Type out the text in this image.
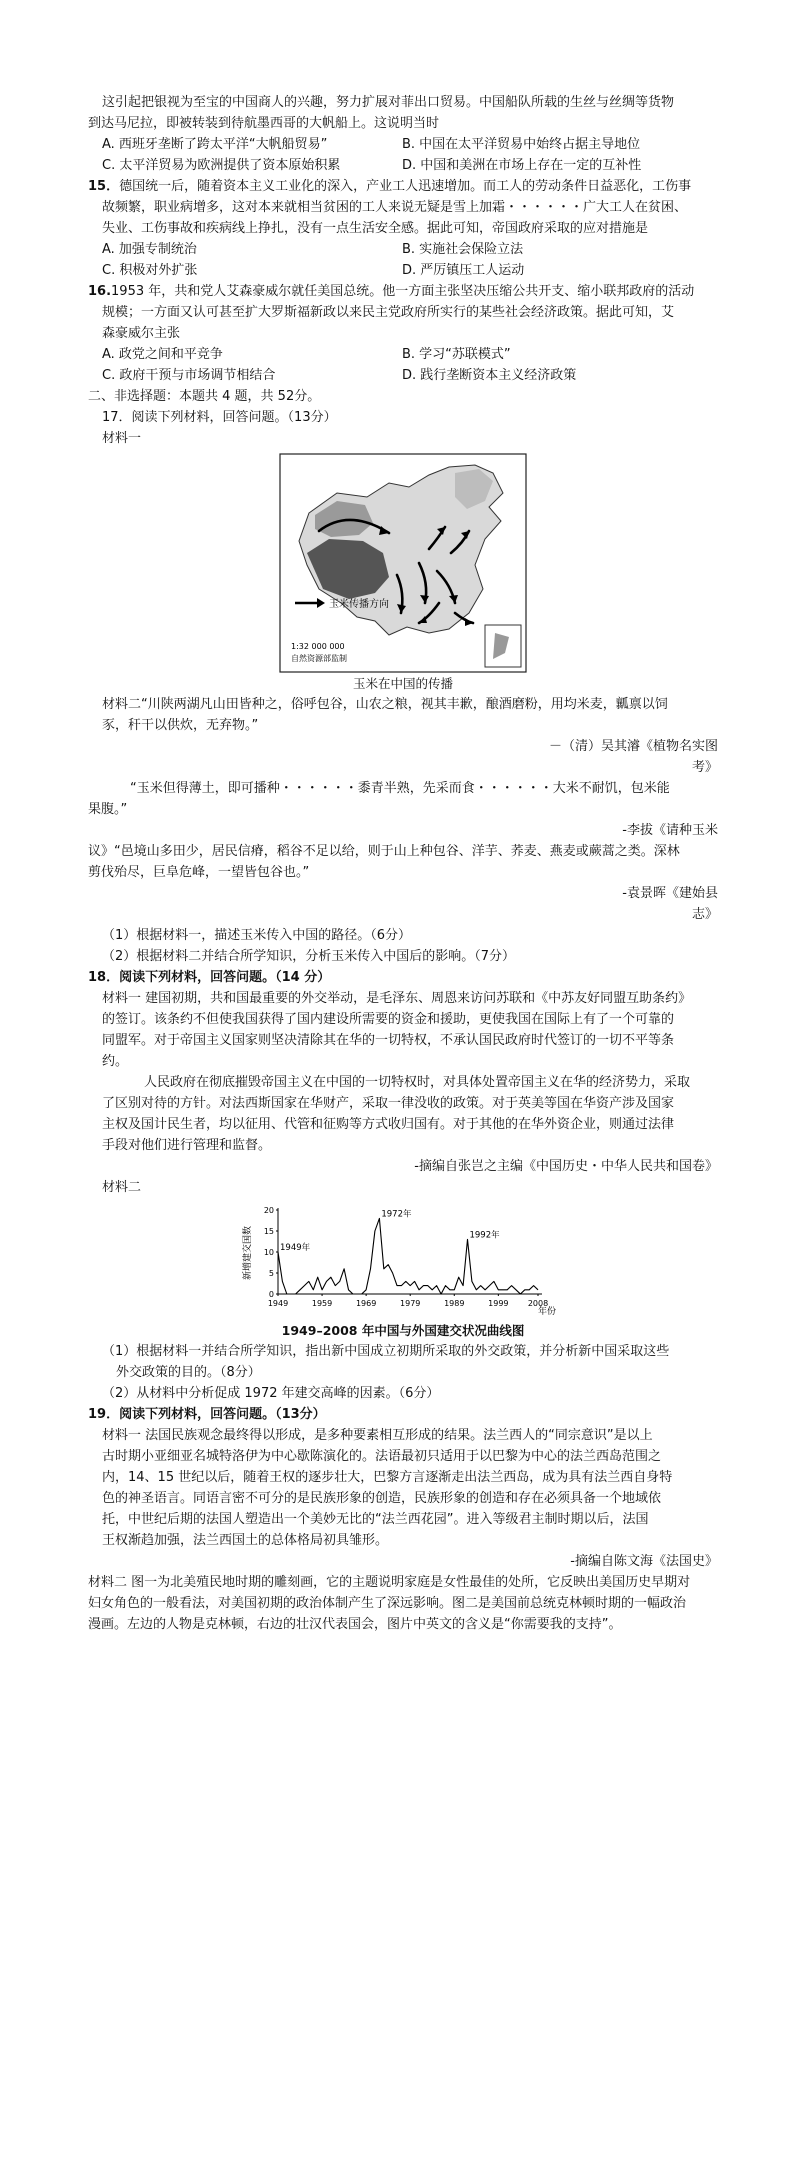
这引起把银视为至宝的中国商人的兴趣，努力扩展对菲出口贸易。中国船队所载的生丝与丝绸等货物

到达马尼拉，即被转装到待航墨西哥的大帆船上。这说明当时

A. 西班牙垄断了跨太平洋“大帆船贸易”	B. 中国在太平洋贸易中始终占据主导地位
C. 太平洋贸易为欧洲提供了资本原始积累	D. 中国和美洲在市场上存在一定的互补性

15．德国统一后，随着资本主义工业化的深入，产业工人迅速增加。而工人的劳动条件日益恶化，工伤事

故频繁，职业病增多，这对本来就相当贫困的工人来说无疑是雪上加霜・・・・・・广大工人在贫困、

失业、工伤事故和疾病线上挣扎，没有一点生活安全感。据此可知，帝国政府采取的应对措施是

A. 加强专制统治	B. 实施社会保险立法
C. 积极对外扩张	D. 严厉镇压工人运动

16.1953 年，共和党人艾森豪威尔就任美国总统。他一方面主张坚决压缩公共开支、缩小联邦政府的活动

规模；一方面又认可甚至扩大罗斯福新政以来民主党政府所实行的某些社会经济政策。据此可知，艾

森豪威尔主张

A. 政党之间和平竞争	B. 学习“苏联模式”
C. 政府干预与市场调节相结合	D. 践行垄断资本主义经济政策

二、非选择题：本题共 4 题，共 52分。

17．阅读下列材料，回答问题。（13分）

材料一

玉米传播方向
1:32 000 000
自然资源部监制

玉米在中国的传播

材料二“川陕两湖凡山田皆种之，俗呼包谷，山农之粮，视其丰歉，酿酒磨粉，用均米麦，瓤禀以饲

豕，秆干以供炊，无弃物。”

－（清）吴其濬《植物名实图

考》

“玉米但得薄土，即可播种・・・・・・黍青半熟，先采而食・・・・・・大米不耐饥，包米能

果腹。”

-李拔《请种玉米

议》“邑境山多田少，居民信瘠，稻谷不足以给，则于山上种包谷、洋芋、荞麦、燕麦或蕨蒿之类。深林

剪伐殆尽，巨阜危峰，一望皆包谷也。”

-袁景晖《建始县

志》

（1）根据材料一，描述玉米传入中国的路径。（6分）

（2）根据材料二并结合所学知识，分析玉米传入中国后的影响。（7分）

18．阅读下列材料，回答问题。（14 分）

材料一 建国初期，共和国最重要的外交举动，是毛泽东、周恩来访问苏联和《中苏友好同盟互助条约》

的签订。该条约不但使我国获得了国内建设所需要的资金和援助，更使我国在国际上有了一个可靠的

同盟军。对于帝国主义国家则坚决清除其在华的一切特权，不承认国民政府时代签订的一切不平等条

约。

人民政府在彻底摧毁帝国主义在中国的一切特权时，对具体处置帝国主义在华的经济势力，采取

了区别对待的方针。对法西斯国家在华财产，采取一律没收的政策。对于英美等国在华资产涉及国家

主权及国计民生者，均以征用、代管和征购等方式收归国有。对于其他的在华外资企业，则通过法律

手段对他们进行管理和监督。

-摘编自张岂之主编《中国历史・中华人民共和国卷》

材料二

新增建交国数
0
5
10
15
20
1949	1959	1969	1979	1989	1999 2008
1949年
1972年
1992年
年份

1949–2008 年中国与外国建交状况曲线图

（1）根据材料一并结合所学知识，指出新中国成立初期所采取的外交政策，并分析新中国采取这些

外交政策的目的。（8分）

（2）从材料中分析促成 1972 年建交高峰的因素。（6分）

19．阅读下列材料，回答问题。（13分）

材料一 法国民族观念最终得以形成，是多种要素相互形成的结果。法兰西人的“同宗意识”是以上

古时期小亚细亚名城特洛伊为中心歇陈演化的。法语最初只适用于以巴黎为中心的法兰西岛范围之

内，14、15 世纪以后，随着王权的逐步壮大，巴黎方言逐渐走出法兰西岛，成为具有法兰西自身特

色的神圣语言。同语言密不可分的是民族形象的创造，民族形象的创造和存在必须具备一个地域依

托，中世纪后期的法国人塑造出一个美妙无比的“法兰西花园”。进入等级君主制时期以后，法国

王权渐趋加强，法兰西国土的总体格局初具雏形。

-摘编自陈文海《法国史》

材料二 图一为北美殖民地时期的雕刻画，它的主题说明家庭是女性最佳的处所，它反映出美国历史早期对

妇女角色的一般看法，对美国初期的政治体制产生了深远影响。图二是美国前总统克林顿时期的一幅政治

漫画。左边的人物是克林顿，右边的壮汉代表国会，图片中英文的含义是“你需要我的支持”。
